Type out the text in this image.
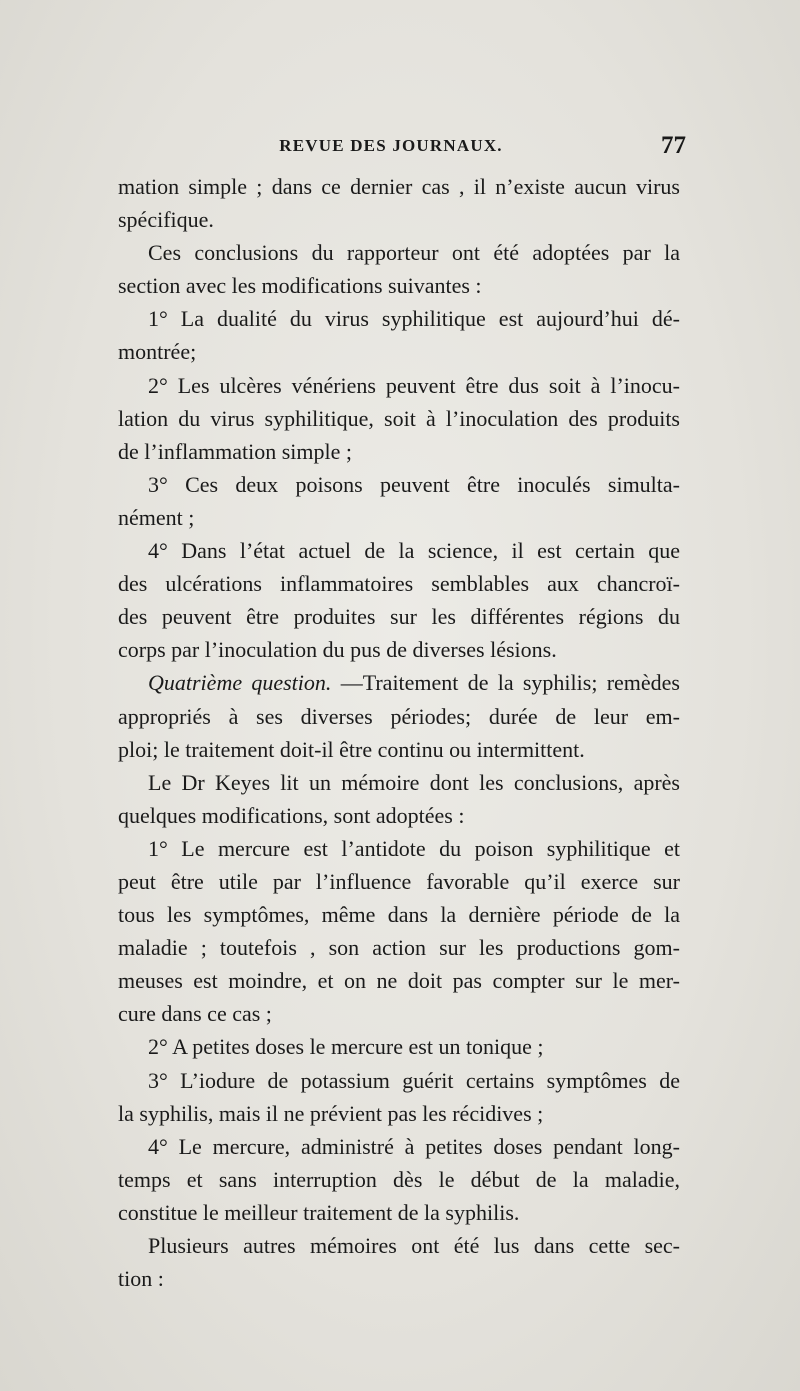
REVUE DES JOURNAUX.	77
mation simple ; dans ce dernier cas , il n’existe aucun virus
spécifique.
Ces conclusions du rapporteur ont été adoptées par la
section avec les modifications suivantes :
1° La dualité du virus syphilitique est aujourd’hui dé-
montrée;
2° Les ulcères vénériens peuvent être dus soit à l’inocu-
lation du virus syphilitique, soit à l’inoculation des produits
de l’inflammation simple ;
3° Ces deux poisons peuvent être inoculés simulta-
nément ;
4° Dans l’état actuel de la science, il est certain que
des ulcérations inflammatoires semblables aux chancroï-
des peuvent être produites sur les différentes régions du
corps par l’inoculation du pus de diverses lésions.
Quatrième question. —Traitement de la syphilis; remèdes
appropriés à ses diverses périodes; durée de leur em-
ploi; le traitement doit-il être continu ou intermittent.
Le Dr Keyes lit un mémoire dont les conclusions, après
quelques modifications, sont adoptées :
1° Le mercure est l’antidote du poison syphilitique et
peut être utile par l’influence favorable qu’il exerce sur
tous les symptômes, même dans la dernière période de la
maladie ; toutefois , son action sur les productions gom-
meuses est moindre, et on ne doit pas compter sur le mer-
cure dans ce cas ;
2° A petites doses le mercure est un tonique ;
3° L’iodure de potassium guérit certains symptômes de
la syphilis, mais il ne prévient pas les récidives ;
4° Le mercure, administré à petites doses pendant long-
temps et sans interruption dès le début de la maladie,
constitue le meilleur traitement de la syphilis.
Plusieurs autres mémoires ont été lus dans cette sec-
tion :
